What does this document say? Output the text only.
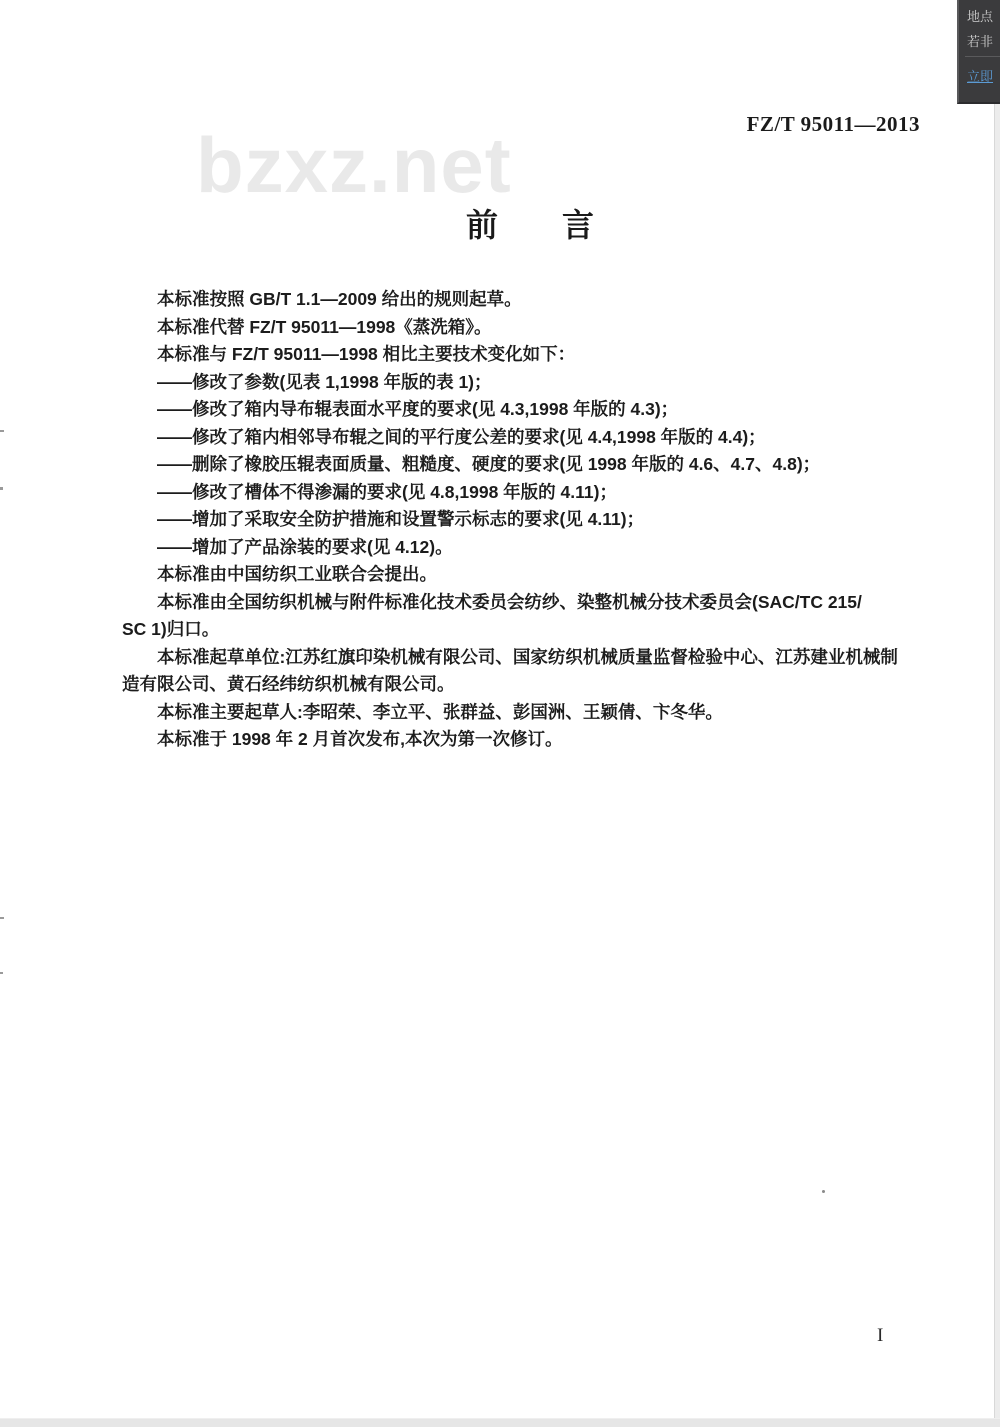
bzxz.net	FZ/T 95011—2013
前　　言
本标准按照 GB/T 1.1—2009 给出的规则起草。
本标准代替 FZ/T 95011—1998《蒸洗箱》。
本标准与 FZ/T 95011—1998 相比主要技术变化如下：
——修改了参数(见表 1,1998 年版的表 1)；
——修改了箱内导布辊表面水平度的要求(见 4.3,1998 年版的 4.3)；
——修改了箱内相邻导布辊之间的平行度公差的要求(见 4.4,1998 年版的 4.4)；
——删除了橡胶压辊表面质量、粗糙度、硬度的要求(见 1998 年版的 4.6、4.7、4.8)；
——修改了槽体不得渗漏的要求(见 4.8,1998 年版的 4.11)；
——增加了采取安全防护措施和设置警示标志的要求(见 4.11)；
——增加了产品涂装的要求(见 4.12)。
本标准由中国纺织工业联合会提出。
本标准由全国纺织机械与附件标准化技术委员会纺纱、染整机械分技术委员会(SAC/TC 215/
SC 1)归口。
本标准起草单位:江苏红旗印染机械有限公司、国家纺织机械质量监督检验中心、江苏建业机械制
造有限公司、黄石经纬纺织机械有限公司。
本标准主要起草人:李昭荣、李立平、张群益、彭国洲、王颖倩、卞冬华。
本标准于 1998 年 2 月首次发布,本次为第一次修订。
I
地点
若非
立即
